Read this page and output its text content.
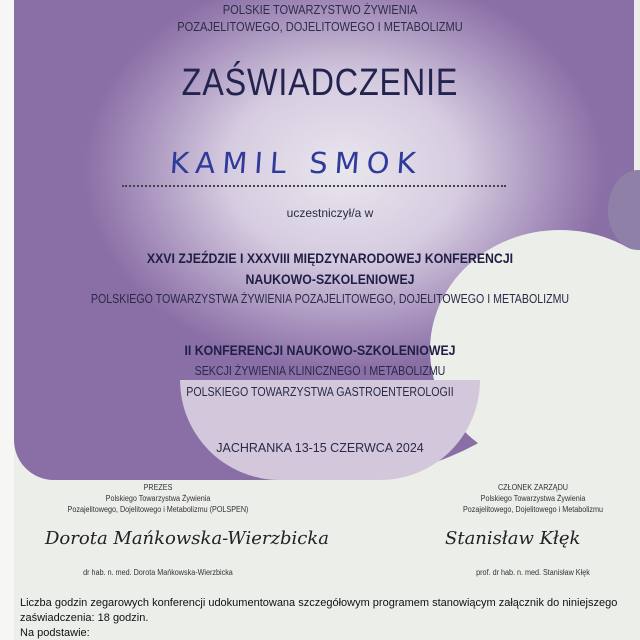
POLSKIE TOWARZYSTWO ŻYWIENIA
POZAJELITOWEGO, DOJELITOWEGO I METABOLIZMU
ZAŚWIADCZENIE
KAMIL SMOK
uczestniczył/a w
XXVI ZJEŹDZIE I XXXVIII MIĘDZYNARODOWEJ KONFERENCJI
NAUKOWO-SZKOLENIOWEJ
POLSKIEGO TOWARZYSTWA ŻYWIENIA POZAJELITOWEGO, DOJELITOWEGO I METABOLIZMU
II KONFERENCJI NAUKOWO-SZKOLENIOWEJ
SEKCJI ŻYWIENIA KLINICZNEGO I METABOLIZMU
POLSKIEGO TOWARZYSTWA GASTROENTEROLOGII
JACHRANKA 13-15 CZERWCA 2024
PREZES
Polskiego Towarzystwa Żywienia
Pozajelitowego, Dojelitowego i Metabolizmu (POLSPEN)
Dorota Mańkowska-Wierzbicka
dr hab. n. med. Dorota Mańkowska-Wierzbicka
CZŁONEK ZARZĄDU
Polskiego Towarzystwa Żywienia
Pozajelitowego, Dojelitowego i Metabolizmu
Stanisław Kłęk
prof. dr hab. n. med. Stanisław Kłęk
Liczba godzin zegarowych konferencji udokumentowana szczegółowym programem stanowiącym załącznik do niniejszego
zaświadczenia: 18 godzin.
Na podstawie:
